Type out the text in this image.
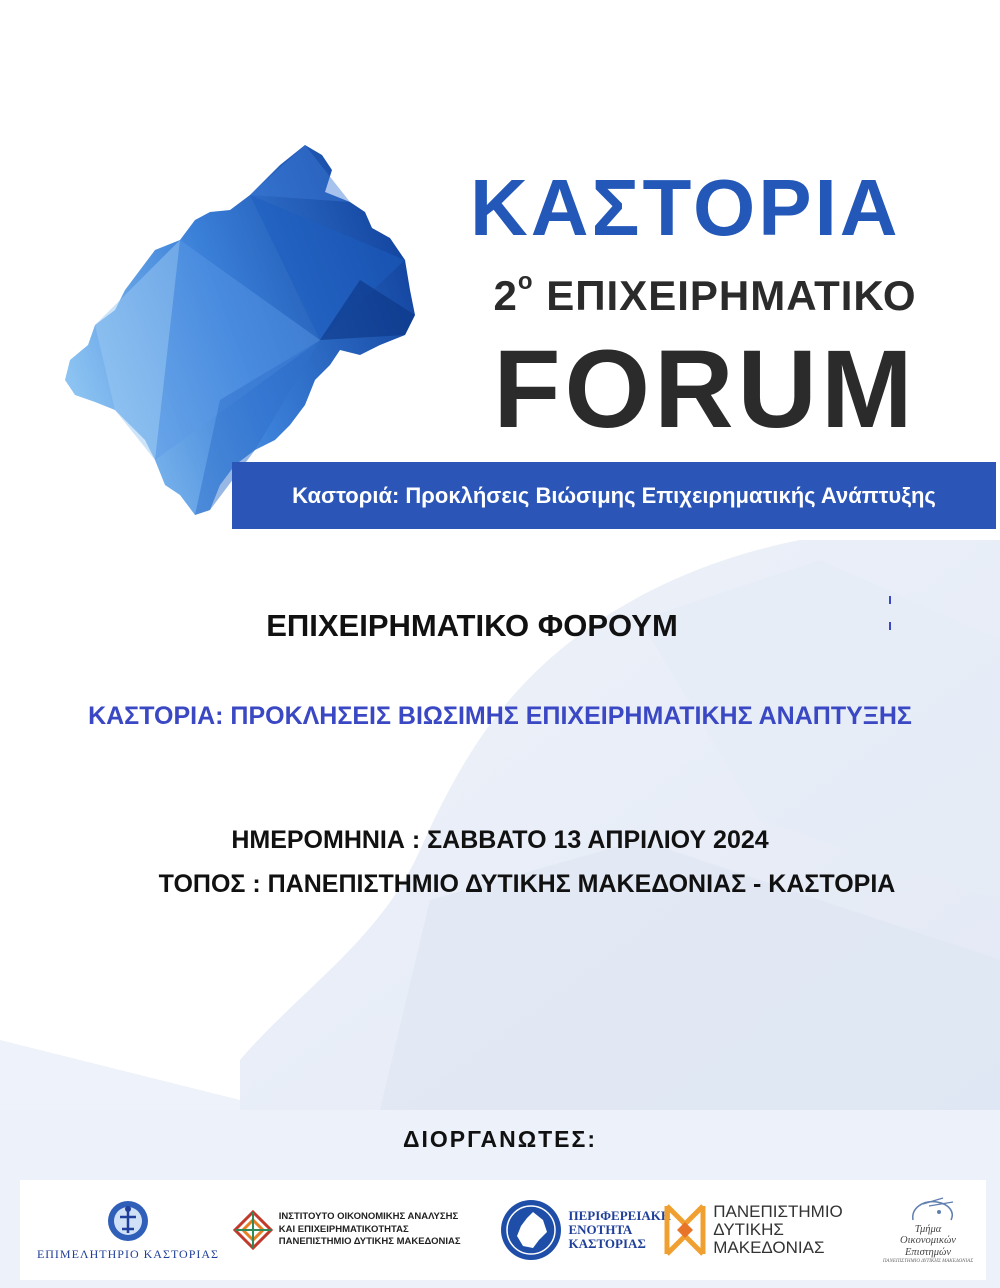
ΚΑΣΤΟΡΙΑ
$2^o$ ΕΠΙΧΕΙΡΗΜΑΤΙΚΟ
FORUM
Καστοριά: Προκλήσεις Βιώσιμης Επιχειρηματικής Ανάπτυξης
ΕΠΙΧΕΙΡΗΜΑΤΙΚΟ ΦΟΡΟΥΜ
ΚΑΣΤΟΡΙΑ: ΠΡΟΚΛΗΣΕΙΣ ΒΙΩΣΙΜΗΣ ΕΠΙΧΕΙΡΗΜΑΤΙΚΗΣ ΑΝΑΠΤΥΞΗΣ
ΗΜΕΡΟΜΗΝΙΑ : ΣΑΒΒΑΤΟ 13 ΑΠΡΙΛΙΟΥ 2024
ΤΟΠΟΣ : ΠΑΝΕΠΙΣΤΗΜΙΟ ΔΥΤΙΚΗΣ ΜΑΚΕΔΟΝΙΑΣ - ΚΑΣΤΟΡΙΑ
ΔΙΟΡΓΑΝΩΤΕΣ:
ΕΠΙΜΕΛΗΤΗΡΙΟ ΚΑΣΤΟΡΙΑΣ
ΙΝΣΤΙΤΟΥΤΟ ΟΙΚΟΝΟΜΙΚΗΣ ΑΝΑΛΥΣΗΣ
ΚΑΙ ΕΠΙΧΕΙΡΗΜΑΤΙΚΟΤΗΤΑΣ
ΠΑΝΕΠΙΣΤΗΜΙΟ ΔΥΤΙΚΗΣ ΜΑΚΕΔΟΝΙΑΣ
ΠΕΡΙΦΕΡΕΙΑΚΗ
ΕΝΟΤΗΤΑ
ΚΑΣΤΟΡΙΑΣ
ΠΑΝΕΠΙΣΤΗΜΙΟ
ΔΥΤΙΚΗΣ ΜΑΚΕΔΟΝΙΑΣ
Τμήμα
Οικονομικών
Επιστημών
ΠΑΝΕΠΙΣΤΗΜΙΟ ΔΥΤΙΚΗΣ ΜΑΚΕΔΟΝΙΑΣ
